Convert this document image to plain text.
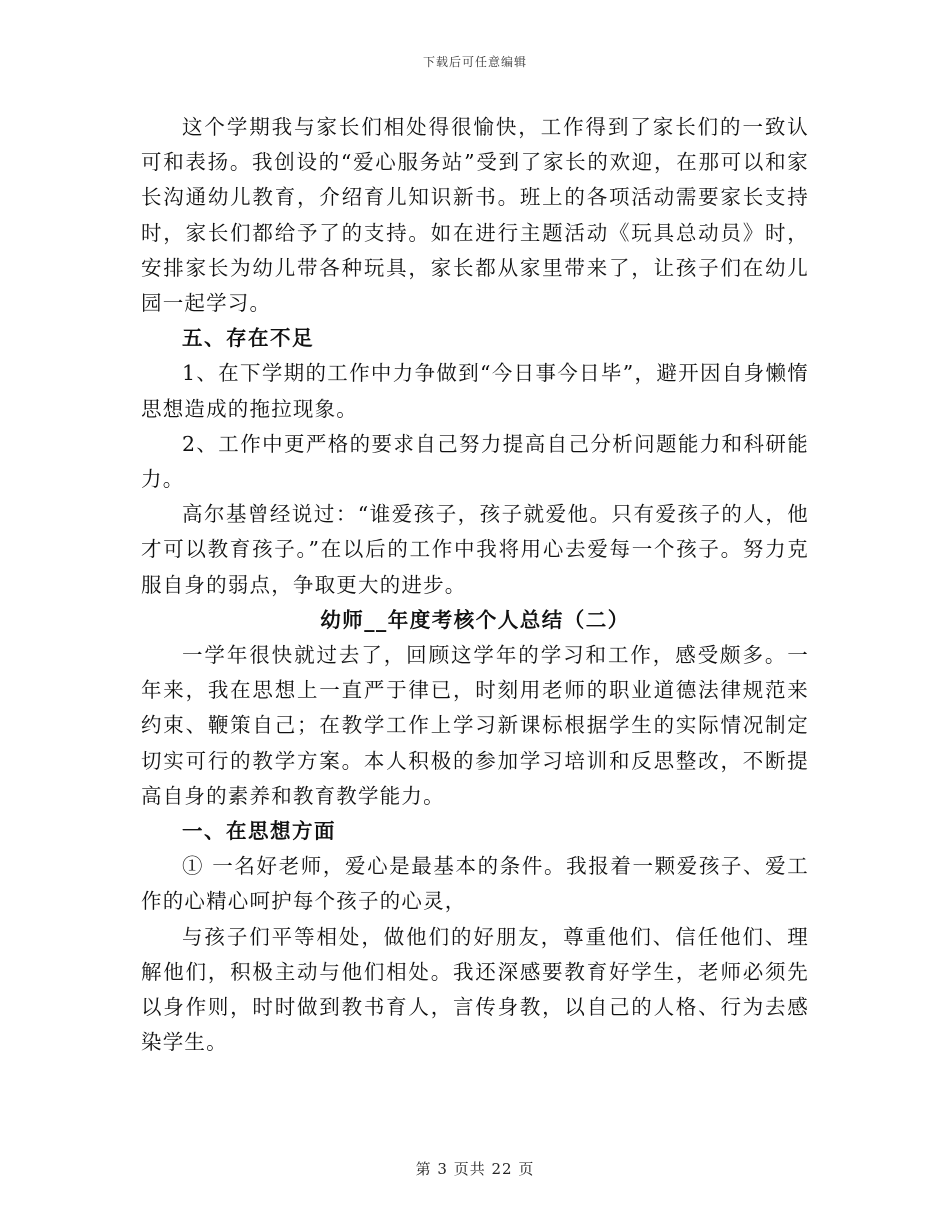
下载后可任意编辑

这个学期我与家长们相处得很愉快，工作得到了家长们的一致认可和表扬。我创设的“爱心服务站”受到了家长的欢迎，在那可以和家长沟通幼儿教育，介绍育儿知识新书。班上的各项活动需要家长支持时，家长们都给予了的支持。如在进行主题活动《玩具总动员》时，安排家长为幼儿带各种玩具，家长都从家里带来了，让孩子们在幼儿园一起学习。

五、存在不足

1、在下学期的工作中力争做到“今日事今日毕”，避开因自身懒惰思想造成的拖拉现象。

2、工作中更严格的要求自己努力提高自己分析问题能力和科研能力。

高尔基曾经说过：“谁爱孩子，孩子就爱他。只有爱孩子的人，他才可以教育孩子。”在以后的工作中我将用心去爱每一个孩子。努力克服自身的弱点，争取更大的进步。

幼师__年度考核个人总结（二）

一学年很快就过去了，回顾这学年的学习和工作，感受颇多。一年来，我在思想上一直严于律已，时刻用老师的职业道德法律规范来约束、鞭策自己；在教学工作上学习新课标根据学生的实际情况制定切实可行的教学方案。本人积极的参加学习培训和反思整改，不断提高自身的素养和教育教学能力。

一、在思想方面

① 一名好老师，爱心是最基本的条件。我报着一颗爱孩子、爱工作的心精心呵护每个孩子的心灵，

与孩子们平等相处，做他们的好朋友，尊重他们、信任他们、理解他们，积极主动与他们相处。我还深感要教育好学生，老师必须先以身作则，时时做到教书育人，言传身教，以自己的人格、行为去感染学生。

第 3 页共 22 页
